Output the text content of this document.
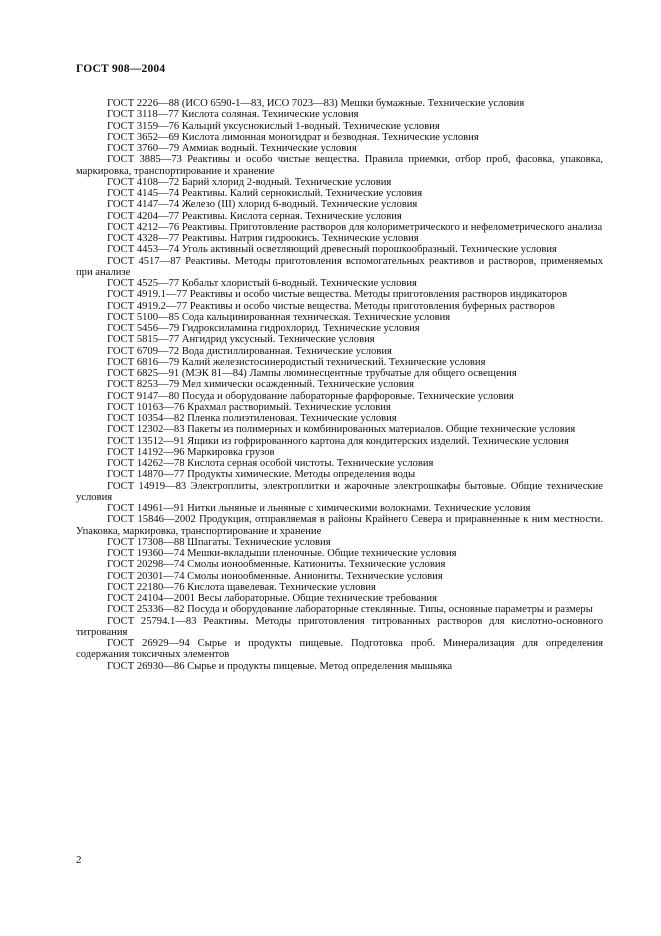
ГОСТ 908—2004
ГОСТ 2226—88 (ИСО 6590-1—83, ИСО 7023—83) Мешки бумажные. Технические условия
ГОСТ 3118—77 Кислота соляная. Технические условия
ГОСТ 3159—76 Кальций уксуснокислый 1-водный. Технические условия
ГОСТ 3652—69 Кислота лимонная моногидрат и безводная. Технические условия
ГОСТ 3760—79 Аммиак водный. Технические условия
ГОСТ 3885—73 Реактивы и особо чистые вещества. Правила приемки, отбор проб, фасовка, упаковка, маркировка, транспортирование и хранение
ГОСТ 4108—72 Барий хлорид 2-водный. Технические условия
ГОСТ 4145—74 Реактивы. Калий сернокислый. Технические условия
ГОСТ 4147—74 Железо (III) хлорид 6-водный. Технические условия
ГОСТ 4204—77 Реактивы. Кислота серная. Технические условия
ГОСТ 4212—76 Реактивы. Приготовление растворов для колориметрического и нефелометрического анализа
ГОСТ 4328—77 Реактивы. Натрия гидроокись. Технические условия
ГОСТ 4453—74 Уголь активный осветляющий древесный порошкообразный. Технические условия
ГОСТ 4517—87 Реактивы. Методы приготовления вспомогательных реактивов и растворов, применяемых при анализе
ГОСТ 4525—77 Кобальт хлористый 6-водный. Технические условия
ГОСТ 4919.1—77 Реактивы и особо чистые вещества. Методы приготовления растворов индикаторов
ГОСТ 4919.2—77 Реактивы и особо чистые вещества. Методы приготовления буферных растворов
ГОСТ 5100—85 Сода кальцинированная техническая. Технические условия
ГОСТ 5456—79 Гидроксиламина гидрохлорид. Технические условия
ГОСТ 5815—77 Ангидрид уксусный. Технические условия
ГОСТ 6709—72 Вода дистиллированная. Технические условия
ГОСТ 6816—79 Калий железистосинеродистый технический. Технические условия
ГОСТ 6825—91 (МЭК 81—84) Лампы люминесцентные трубчатые для общего освещения
ГОСТ 8253—79 Мел химически осажденный. Технические условия
ГОСТ 9147—80 Посуда и оборудование лабораторные фарфоровые. Технические условия
ГОСТ 10163—76 Крахмал растворимый. Технические условия
ГОСТ 10354—82 Пленка полиэтиленовая. Технические условия
ГОСТ 12302—83 Пакеты из полимерных и комбинированных материалов. Общие технические условия
ГОСТ 13512—91 Ящики из гофрированного картона для кондитерских изделий. Технические условия
ГОСТ 14192—96 Маркировка грузов
ГОСТ 14262—78 Кислота серная особой чистоты. Технические условия
ГОСТ 14870—77 Продукты химические. Методы определения воды
ГОСТ 14919—83 Электроплиты, электроплитки и жарочные электрошкафы бытовые. Общие технические условия
ГОСТ 14961—91 Нитки льняные и льняные с химическими волокнами. Технические условия
ГОСТ 15846—2002 Продукция, отправляемая в районы Крайнего Севера и приравненные к ним местности. Упаковка, маркировка, транспортирование и хранение
ГОСТ 17308—88 Шпагаты. Технические условия
ГОСТ 19360—74 Мешки-вкладыши пленочные. Общие технические условия
ГОСТ 20298—74 Смолы ионообменные. Катиониты. Технические условия
ГОСТ 20301—74 Смолы ионообменные. Аниониты. Технические условия
ГОСТ 22180—76 Кислота щавелевая. Технические условия
ГОСТ 24104—2001 Весы лабораторные. Общие технические требования
ГОСТ 25336—82 Посуда и оборудование лабораторные стеклянные. Типы, основные параметры и размеры
ГОСТ 25794.1—83 Реактивы. Методы приготовления титрованных растворов для кислотно-основного титрования
ГОСТ 26929—94 Сырье и продукты пищевые. Подготовка проб. Минерализация для определения содержания токсичных элементов
ГОСТ 26930—86 Сырье и продукты пищевые. Метод определения мышьяка
2
